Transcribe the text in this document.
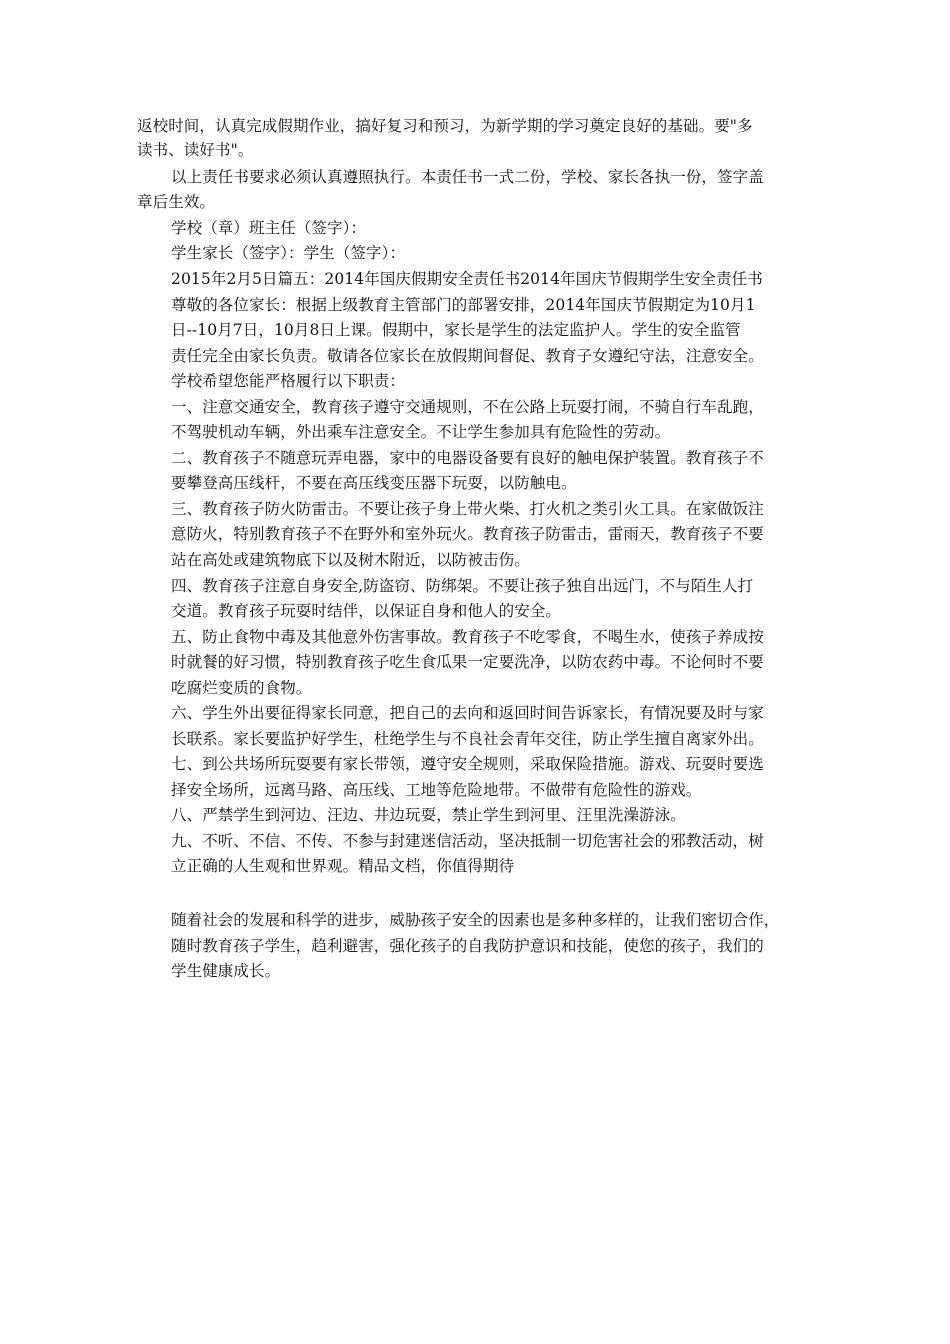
返校时间，认真完成假期作业，搞好复习和预习，为新学期的学习奠定良好的基础。要"多
读书、读好书"。
以上责任书要求必须认真遵照执行。本责任书一式二份，学校、家长各执一份，签字盖
章后生效。
学校（章）班主任（签字）：
学生家长（签字）：学生（签字）：
2015年2月5日篇五：2014年国庆假期安全责任书2014年国庆节假期学生安全责任书
尊敬的各位家长：根据上级教育主管部门的部署安排，2014年国庆节假期定为10月1
日--10月7日，10月8日上课。假期中，家长是学生的法定监护人。学生的安全监管
责任完全由家长负责。敬请各位家长在放假期间督促、教育子女遵纪守法，注意安全。
学校希望您能严格履行以下职责：
一、注意交通安全，教育孩子遵守交通规则，不在公路上玩耍打闹，不骑自行车乱跑，
不驾驶机动车辆，外出乘车注意安全。不让学生参加具有危险性的劳动。
二、教育孩子不随意玩弄电器，家中的电器设备要有良好的触电保护装置。教育孩子不
要攀登高压线杆，不要在高压线变压器下玩耍，以防触电。
三、教育孩子防火防雷击。不要让孩子身上带火柴、打火机之类引火工具。在家做饭注
意防火，特别教育孩子不在野外和室外玩火。教育孩子防雷击，雷雨天，教育孩子不要
站在高处或建筑物底下以及树木附近，以防被击伤。
四、教育孩子注意自身安全,防盗窃、防绑架。不要让孩子独自出远门，不与陌生人打
交道。教育孩子玩耍时结伴，以保证自身和他人的安全。
五、防止食物中毒及其他意外伤害事故。教育孩子不吃零食，不喝生水，使孩子养成按
时就餐的好习惯，特别教育孩子吃生食瓜果一定要洗净，以防农药中毒。不论何时不要
吃腐烂变质的食物。
六、学生外出要征得家长同意，把自己的去向和返回时间告诉家长，有情况要及时与家
长联系。家长要监护好学生，杜绝学生与不良社会青年交往，防止学生擅自离家外出。
七、到公共场所玩耍要有家长带领，遵守安全规则，采取保险措施。游戏、玩耍时要选
择安全场所，远离马路、高压线、工地等危险地带。不做带有危险性的游戏。
八、严禁学生到河边、汪边、井边玩耍，禁止学生到河里、汪里洗澡游泳。
九、不听、不信、不传、不参与封建迷信活动，坚决抵制一切危害社会的邪教活动，树
立正确的人生观和世界观。精品文档，你值得期待
随着社会的发展和科学的进步，威胁孩子安全的因素也是多种多样的，让我们密切合作，
随时教育孩子学生，趋利避害，强化孩子的自我防护意识和技能，使您的孩子，我们的
学生健康成长。
